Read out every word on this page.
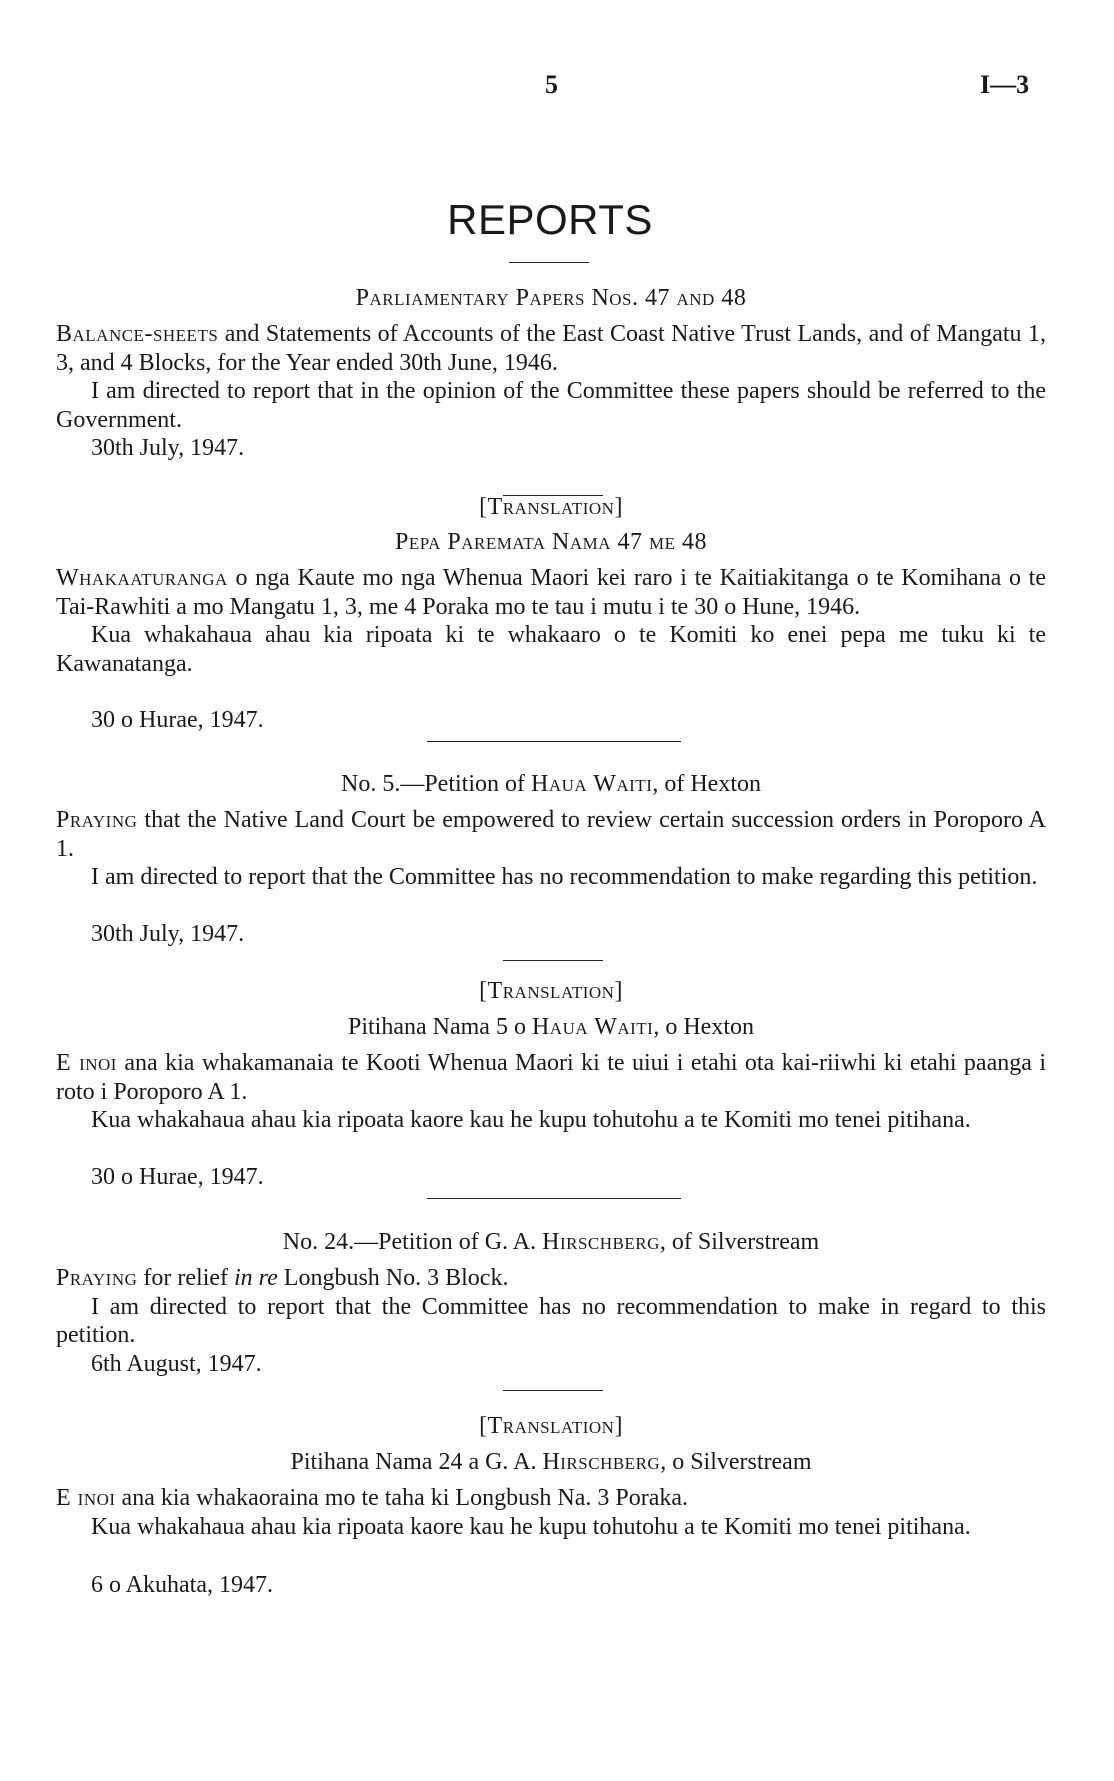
5	I—3
REPORTS
Parliamentary Papers Nos. 47 and 48

Balance-sheets and Statements of Accounts of the East Coast Native Trust Lands, and of Mangatu 1, 3, and 4 Blocks, for the Year ended 30th June, 1946.

I am directed to report that in the opinion of the Committee these papers should be referred to the Government.

30th July, 1947.
[Translation]
Pepa Paremata Nama 47 me 48

Whakaaturanga o nga Kaute mo nga Whenua Maori kei raro i te Kaitiakitanga o te Komihana o te Tai-Rawhiti a mo Mangatu 1, 3, me 4 Poraka mo te tau i mutu i te 30 o Hune, 1946.

Kua whakahaua ahau kia ripoata ki te whakaaro o te Komiti ko enei pepa me tuku ki te Kawanatanga.

30 o Hurae, 1947.
No. 5.—Petition of Haua Waiti, of Hexton

Praying that the Native Land Court be empowered to review certain succession orders in Poroporo A 1.

I am directed to report that the Committee has no recommendation to make regarding this petition.

30th July, 1947.
[Translation]
Pitihana Nama 5 o Haua Waiti, o Hexton

E inoi ana kia whakamanaia te Kooti Whenua Maori ki te uiui i etahi ota kai-riiwhi ki etahi paanga i roto i Poroporo A 1.

Kua whakahaua ahau kia ripoata kaore kau he kupu tohutohu a te Komiti mo tenei pitihana.

30 o Hurae, 1947.
No. 24.—Petition of G. A. Hirschberg, of Silverstream

Praying for relief in re Longbush No. 3 Block.

I am directed to report that the Committee has no recommendation to make in regard to this petition.

6th August, 1947.
[Translation]
Pitihana Nama 24 a G. A. Hirschberg, o Silverstream

E inoi ana kia whakaoraina mo te taha ki Longbush Na. 3 Poraka.

Kua whakahaua ahau kia ripoata kaore kau he kupu tohutohu a te Komiti mo tenei pitihana.

6 o Akuhata, 1947.
